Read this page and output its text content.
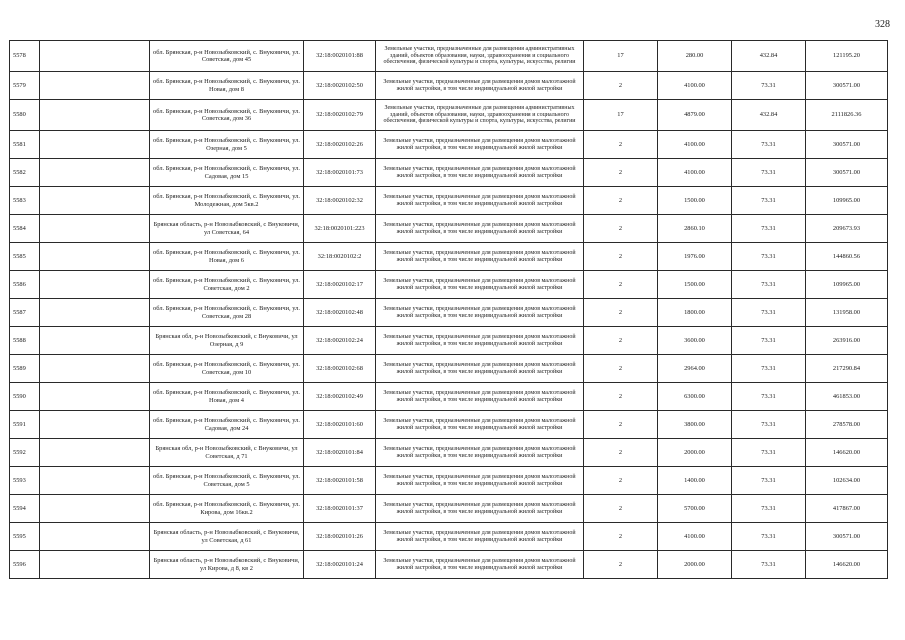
328
5578		обл. Брянская, р-н Новозыбковский, с. Внуковичи, ул. Советская, дом 45	32:18:0020101:88	Земельные участки, предназначенные для размещения административных зданий, объектов образования, науки, здравоохранения и социального обеспечения, физической культуры и спорта, культуры, искусства, религии	17	280.00	432.84	121195.20
5579		обл. Брянская, р-н Новозыбковский, с. Внуковичи, ул. Новая, дом 8	32:18:0020102:50	Земельные участки, предназначенные для размещения домов малоэтажной жилой застройки, в том числе индивидуальной жилой застройки	2	4100.00	73.31	300571.00
5580		обл. Брянская, р-н Новозыбковский, с. Внуковичи, ул. Советская, дом 36	32:18:0020102:79	Земельные участки, предназначенные для размещения административных зданий, объектов образования, науки, здравоохранения и социального обеспечения, физической культуры и спорта, культуры, искусства, религии	17	4879.00	432.84	2111826.36
5581		обл. Брянская, р-н Новозыбковский, с. Внуковичи, ул. Озерная, дом 5	32:18:0020102:26	Земельные участки, предназначенные для размещения домов малоэтажной жилой застройки, в том числе индивидуальной жилой застройки	2	4100.00	73.31	300571.00
5582		обл. Брянская, р-н Новозыбковский, с. Внуковичи, ул. Садовая, дом 15	32:18:0020101:73	Земельные участки, предназначенные для размещения домов малоэтажной жилой застройки, в том числе индивидуальной жилой застройки	2	4100.00	73.31	300571.00
5583		обл. Брянская, р-н Новозыбковский, с. Внуковичи, ул. Молодежная, дом 5кв.2	32:18:0020102:32	Земельные участки, предназначенные для размещения домов малоэтажной жилой застройки, в том числе индивидуальной жилой застройки	2	1500.00	73.31	109965.00
5584		Брянская область, р-н Новозыбковский, с Внуковичи, ул Советская, 64	32:18:0020101:223	Земельные участки, предназначенные для размещения домов малоэтажной жилой застройки, в том числе индивидуальной жилой застройки	2	2860.10	73.31	209673.93
5585		обл. Брянская, р-н Новозыбковский, с. Внуковичи, ул. Новая, дом 6	32:18:0020102:2	Земельные участки, предназначенные для размещения домов малоэтажной жилой застройки, в том числе индивидуальной жилой застройки	2	1976.00	73.31	144860.56
5586		обл. Брянская, р-н Новозыбковский, с. Внуковичи, ул. Советская, дом 2	32:18:0020102:17	Земельные участки, предназначенные для размещения домов малоэтажной жилой застройки, в том числе индивидуальной жилой застройки	2	1500.00	73.31	109965.00
5587		обл. Брянская, р-н Новозыбковский, с. Внуковичи, ул. Советская, дом 28	32:18:0020102:48	Земельные участки, предназначенные для размещения домов малоэтажной жилой застройки, в том числе индивидуальной жилой застройки	2	1800.00	73.31	131958.00
5588		Брянская обл, р-н Новозыбковский, с Внуковичи, ул Озерная, д 9	32:18:0020102:24	Земельные участки, предназначенные для размещения домов малоэтажной жилой застройки, в том числе индивидуальной жилой застройки	2	3600.00	73.31	263916.00
5589		обл. Брянская, р-н Новозыбковский, с. Внуковичи, ул. Советская, дом 10	32:18:0020102:68	Земельные участки, предназначенные для размещения домов малоэтажной жилой застройки, в том числе индивидуальной жилой застройки	2	2964.00	73.31	217290.84
5590		обл. Брянская, р-н Новозыбковский, с. Внуковичи, ул. Новая, дом 4	32:18:0020102:49	Земельные участки, предназначенные для размещения домов малоэтажной жилой застройки, в том числе индивидуальной жилой застройки	2	6300.00	73.31	461853.00
5591		обл. Брянская, р-н Новозыбковский, с. Внуковичи, ул. Садовая, дом 24	32:18:0020101:60	Земельные участки, предназначенные для размещения домов малоэтажной жилой застройки, в том числе индивидуальной жилой застройки	2	3800.00	73.31	278578.00
5592		Брянская обл, р-н Новозыбковский, с Внуковичи, ул Советская, д 71	32:18:0020101:84	Земельные участки, предназначенные для размещения домов малоэтажной жилой застройки, в том числе индивидуальной жилой застройки	2	2000.00	73.31	146620.00
5593		обл. Брянская, р-н Новозыбковский, с. Внуковичи, ул. Советская, дом 5	32:18:0020101:58	Земельные участки, предназначенные для размещения домов малоэтажной жилой застройки, в том числе индивидуальной жилой застройки	2	1400.00	73.31	102634.00
5594		обл. Брянская, р-н Новозыбковский, с. Внуковичи, ул. Кирова, дом 16кв.2	32:18:0020101:37	Земельные участки, предназначенные для размещения домов малоэтажной жилой застройки, в том числе индивидуальной жилой застройки	2	5700.00	73.31	417867.00
5595		Брянская область, р-н Новозыбковский, с Внуковичи, ул Советская, д 61	32:18:0020101:26	Земельные участки, предназначенные для размещения домов малоэтажной жилой застройки, в том числе индивидуальной жилой застройки	2	4100.00	73.31	300571.00
5596		Брянская область, р-н Новозыбковский, с Внуковичи, ул Кирова, д 8, кв 2	32:18:0020101:24	Земельные участки, предназначенные для размещения домов малоэтажной жилой застройки, в том числе индивидуальной жилой застройки	2	2000.00	73.31	146620.00
